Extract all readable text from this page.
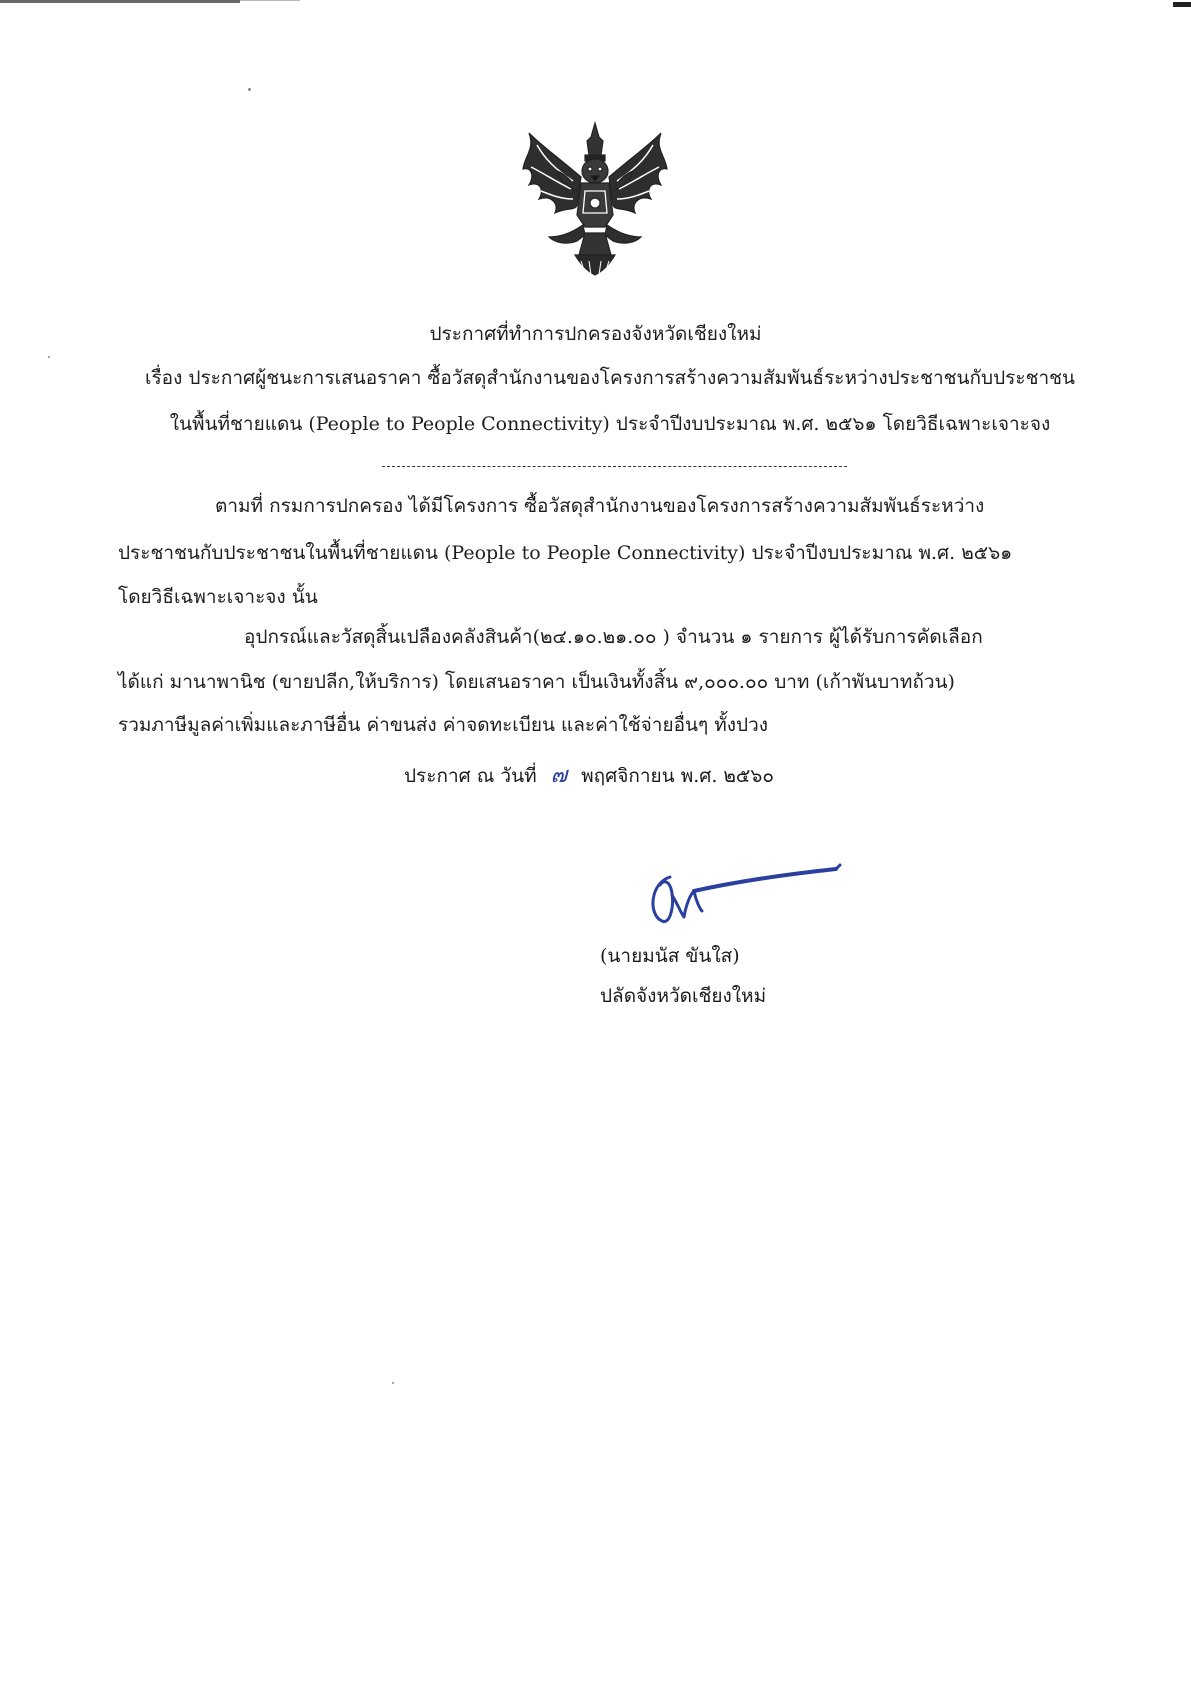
ประกาศที่ทำการปกครองจังหวัดเชียงใหม่
เรื่อง ประกาศผู้ชนะการเสนอราคา ซื้อวัสดุสำนักงานของโครงการสร้างความสัมพันธ์ระหว่างประชาชนกับประชาชน
ในพื้นที่ชายแดน (People to People Connectivity) ประจำปีงบประมาณ พ.ศ. ๒๕๖๑ โดยวิธีเฉพาะเจาะจง
ตามที่ กรมการปกครอง ได้มีโครงการ ซื้อวัสดุสำนักงานของโครงการสร้างความสัมพันธ์ระหว่าง
ประชาชนกับประชาชนในพื้นที่ชายแดน (People to People Connectivity) ประจำปีงบประมาณ พ.ศ. ๒๕๖๑
โดยวิธีเฉพาะเจาะจง นั้น
อุปกรณ์และวัสดุสิ้นเปลืองคลังสินค้า(๒๔.๑๐.๒๑.๐๐ ) จำนวน ๑ รายการ ผู้ได้รับการคัดเลือก
ได้แก่ มานาพานิช (ขายปลีก,ให้บริการ) โดยเสนอราคา เป็นเงินทั้งสิ้น ๙,๐๐๐.๐๐ บาท (เก้าพันบาทถ้วน)
รวมภาษีมูลค่าเพิ่มและภาษีอื่น ค่าขนส่ง ค่าจดทะเบียน และค่าใช้จ่ายอื่นๆ ทั้งปวง
ประกาศ ณ วันที่ ๗ พฤศจิกายน พ.ศ. ๒๕๖๐
(นายมนัส ขันใส)
ปลัดจังหวัดเชียงใหม่
